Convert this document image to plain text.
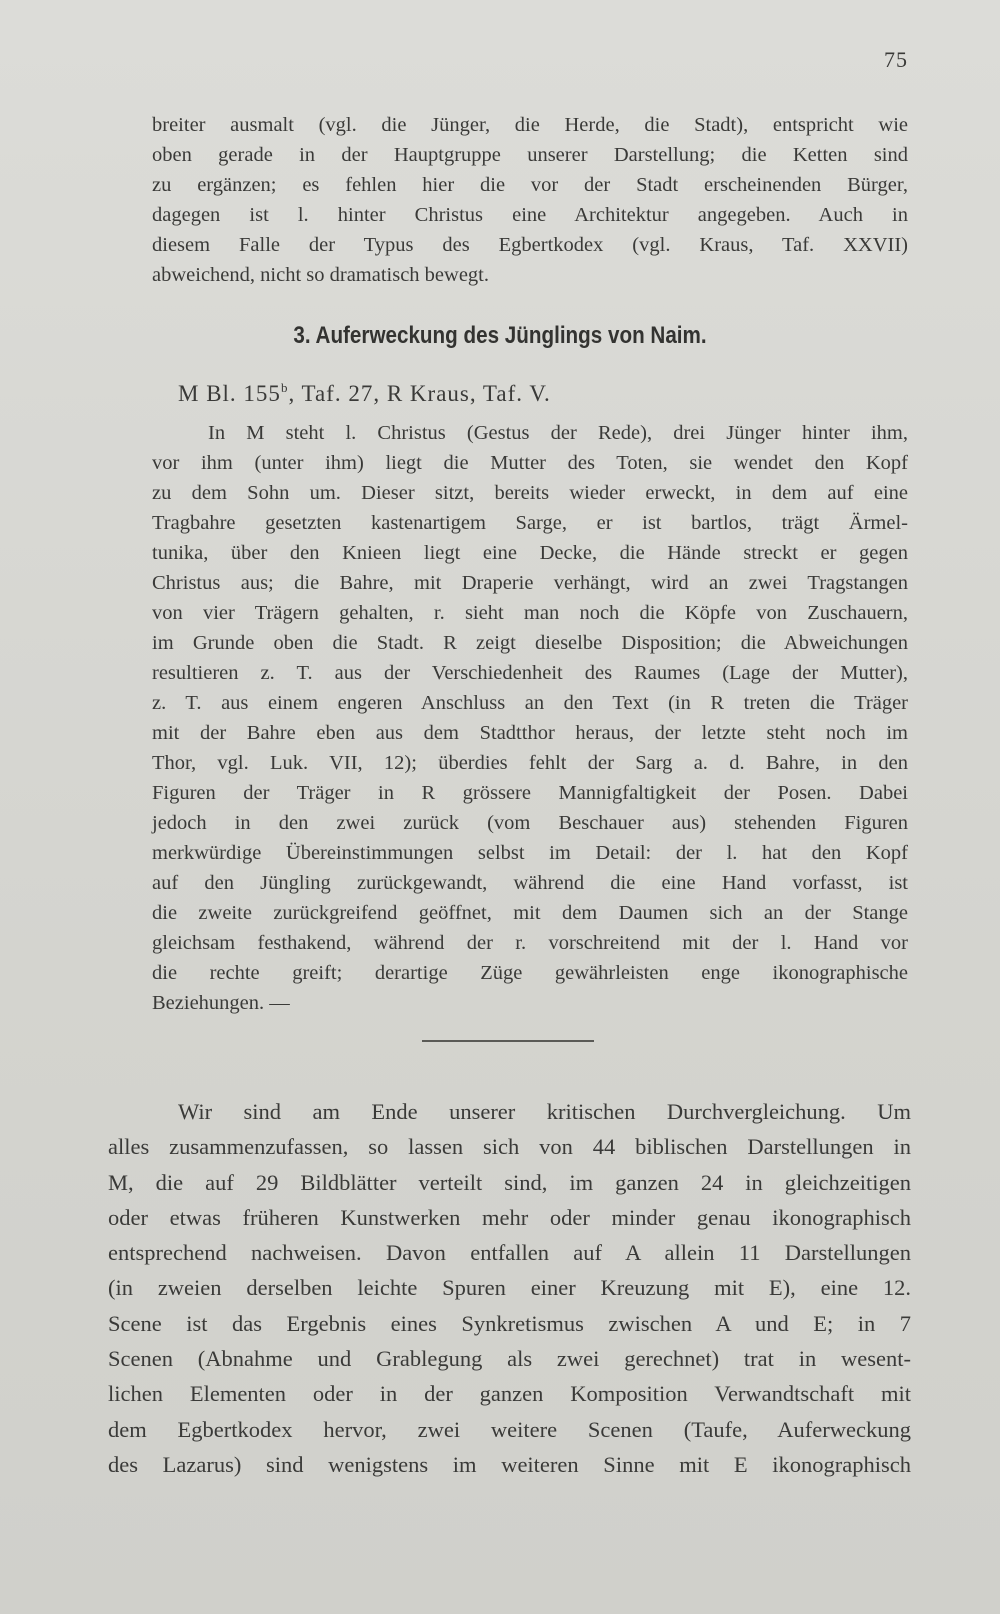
75
breiter ausmalt (vgl. die Jünger, die Herde, die Stadt), entspricht wie
oben gerade in der Hauptgruppe unserer Darstellung; die Ketten sind
zu ergänzen; es fehlen hier die vor der Stadt erscheinenden Bürger,
dagegen ist l. hinter Christus eine Architektur angegeben. Auch in
diesem Falle der Typus des Egbertkodex (vgl. Kraus, Taf. XXVII)
abweichend, nicht so dramatisch bewegt.
3. Auferweckung des Jünglings von Naim.
M Bl. 155$^b$, Taf. 27, R Kraus, Taf. V.
In M steht l. Christus (Gestus der Rede), drei Jünger hinter ihm,
vor ihm (unter ihm) liegt die Mutter des Toten, sie wendet den Kopf
zu dem Sohn um. Dieser sitzt, bereits wieder erweckt, in dem auf eine
Tragbahre gesetzten kastenartigem Sarge, er ist bartlos, trägt Ärmel-
tunika, über den Knieen liegt eine Decke, die Hände streckt er gegen
Christus aus; die Bahre, mit Draperie verhängt, wird an zwei Tragstangen
von vier Trägern gehalten, r. sieht man noch die Köpfe von Zuschauern,
im Grunde oben die Stadt. R zeigt dieselbe Disposition; die Abweichungen
resultieren z. T. aus der Verschiedenheit des Raumes (Lage der Mutter),
z. T. aus einem engeren Anschluss an den Text (in R treten die Träger
mit der Bahre eben aus dem Stadtthor heraus, der letzte steht noch im
Thor, vgl. Luk. VII, 12); überdies fehlt der Sarg a. d. Bahre, in den
Figuren der Träger in R grössere Mannigfaltigkeit der Posen. Dabei
jedoch in den zwei zurück (vom Beschauer aus) stehenden Figuren
merkwürdige Übereinstimmungen selbst im Detail: der l. hat den Kopf
auf den Jüngling zurückgewandt, während die eine Hand vorfasst, ist
die zweite zurückgreifend geöffnet, mit dem Daumen sich an der Stange
gleichsam festhakend, während der r. vorschreitend mit der l. Hand vor
die rechte greift; derartige Züge gewährleisten enge ikonographische
Beziehungen. —
Wir sind am Ende unserer kritischen Durchvergleichung. Um
alles zusammenzufassen, so lassen sich von 44 biblischen Darstellungen in
M, die auf 29 Bildblätter verteilt sind, im ganzen 24 in gleichzeitigen
oder etwas früheren Kunstwerken mehr oder minder genau ikonographisch
entsprechend nachweisen. Davon entfallen auf A allein 11 Darstellungen
(in zweien derselben leichte Spuren einer Kreuzung mit E), eine 12.
Scene ist das Ergebnis eines Synkretismus zwischen A und E; in 7
Scenen (Abnahme und Grablegung als zwei gerechnet) trat in wesent-
lichen Elementen oder in der ganzen Komposition Verwandtschaft mit
dem Egbertkodex hervor, zwei weitere Scenen (Taufe, Auferweckung
des Lazarus) sind wenigstens im weiteren Sinne mit E ikonographisch
